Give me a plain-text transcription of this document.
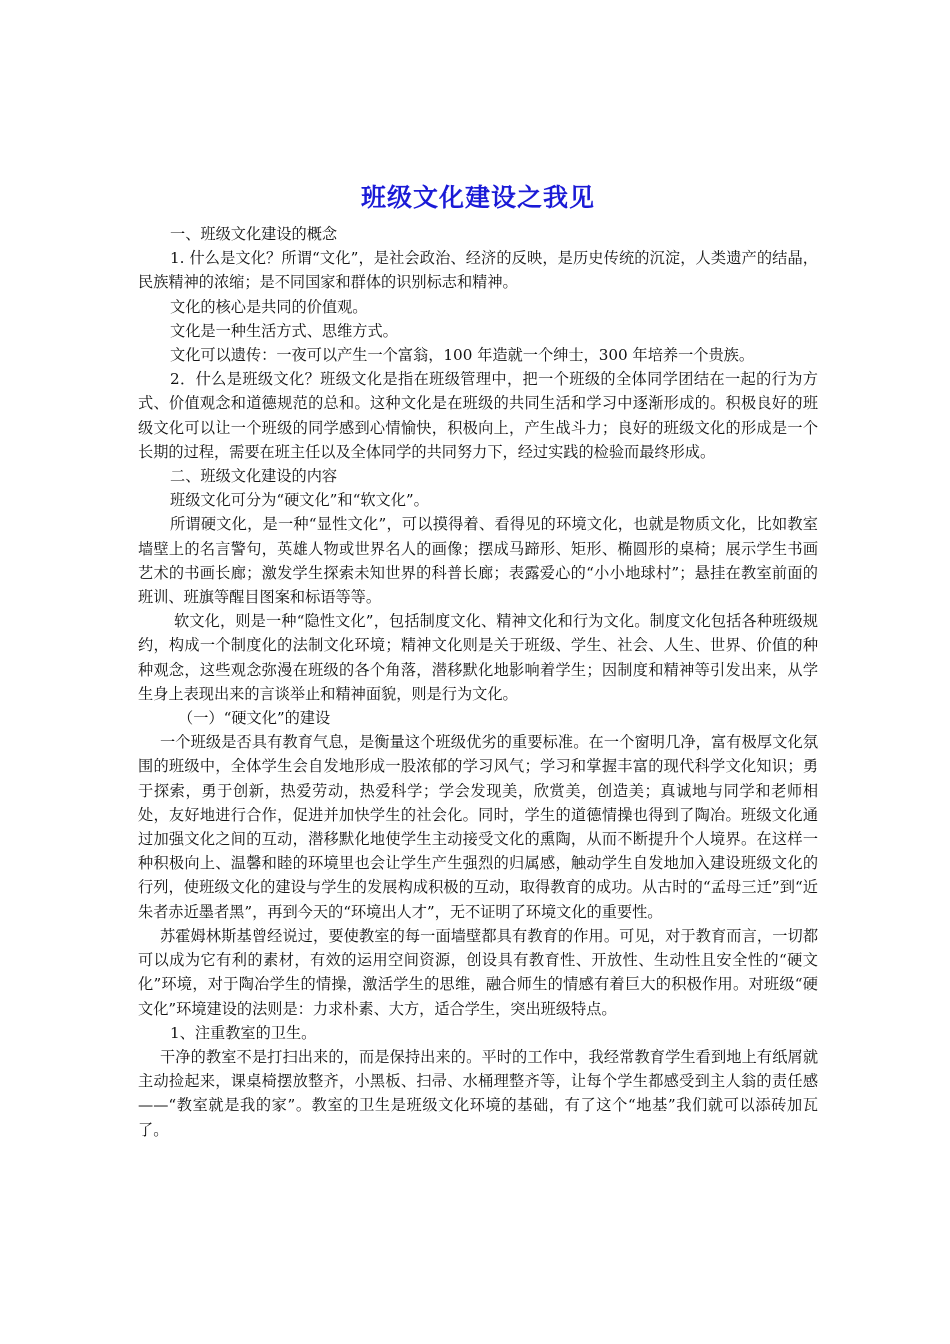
班级文化建设之我见

一、班级文化建设的概念

1. 什么是文化？所谓“文化”，是社会政治、经济的反映，是历史传统的沉淀，人类遗产的结晶，民族精神的浓缩；是不同国家和群体的识别标志和精神。

文化的核心是共同的价值观。

文化是一种生活方式、思维方式。

文化可以遗传：一夜可以产生一个富翁，100 年造就一个绅士，300 年培养一个贵族。

2．什么是班级文化？班级文化是指在班级管理中，把一个班级的全体同学团结在一起的行为方式、价值观念和道德规范的总和。这种文化是在班级的共同生活和学习中逐渐形成的。积极良好的班级文化可以让一个班级的同学感到心情愉快，积极向上，产生战斗力；良好的班级文化的形成是一个长期的过程，需要在班主任以及全体同学的共同努力下，经过实践的检验而最终形成。

二、班级文化建设的内容

班级文化可分为“硬文化”和“软文化”。

所谓硬文化，是一种“显性文化”，可以摸得着、看得见的环境文化，也就是物质文化，比如教室墙壁上的名言警句，英雄人物或世界名人的画像；摆成马蹄形、矩形、椭圆形的桌椅；展示学生书画艺术的书画长廊；激发学生探索未知世界的科普长廊；表露爱心的“小小地球村”；悬挂在教室前面的班训、班旗等醒目图案和标语等等。

软文化，则是一种“隐性文化”，包括制度文化、精神文化和行为文化。制度文化包括各种班级规约，构成一个制度化的法制文化环境；精神文化则是关于班级、学生、社会、人生、世界、价值的种种观念，这些观念弥漫在班级的各个角落，潜移默化地影响着学生；因制度和精神等引发出来，从学生身上表现出来的言谈举止和精神面貌，则是行为文化。

（一）“硬文化”的建设

一个班级是否具有教育气息，是衡量这个班级优劣的重要标准。在一个窗明几净，富有极厚文化氛围的班级中，全体学生会自发地形成一股浓郁的学习风气；学习和掌握丰富的现代科学文化知识；勇于探索，勇于创新，热爱劳动，热爱科学；学会发现美，欣赏美，创造美；真诚地与同学和老师相处，友好地进行合作，促进并加快学生的社会化。同时，学生的道德情操也得到了陶冶。班级文化通过加强文化之间的互动，潜移默化地使学生主动接受文化的熏陶，从而不断提升个人境界。在这样一种积极向上、温馨和睦的环境里也会让学生产生强烈的归属感，触动学生自发地加入建设班级文化的行列，使班级文化的建设与学生的发展构成积极的互动，取得教育的成功。从古时的“孟母三迁”到“近朱者赤近墨者黑”，再到今天的“环境出人才”，无不证明了环境文化的重要性。

苏霍姆林斯基曾经说过，要使教室的每一面墙壁都具有教育的作用。可见，对于教育而言，一切都可以成为它有利的素材，有效的运用空间资源，创设具有教育性、开放性、生动性且安全性的“硬文化”环境，对于陶冶学生的情操，激活学生的思维，融合师生的情感有着巨大的积极作用。对班级“硬文化”环境建设的法则是：力求朴素、大方，适合学生，突出班级特点。

1、注重教室的卫生。

干净的教室不是打扫出来的，而是保持出来的。平时的工作中，我经常教育学生看到地上有纸屑就主动捡起来，课桌椅摆放整齐，小黑板、扫帚、水桶理整齐等，让每个学生都感受到主人翁的责任感——“教室就是我的家”。教室的卫生是班级文化环境的基础，有了这个“地基”我们就可以添砖加瓦了。
